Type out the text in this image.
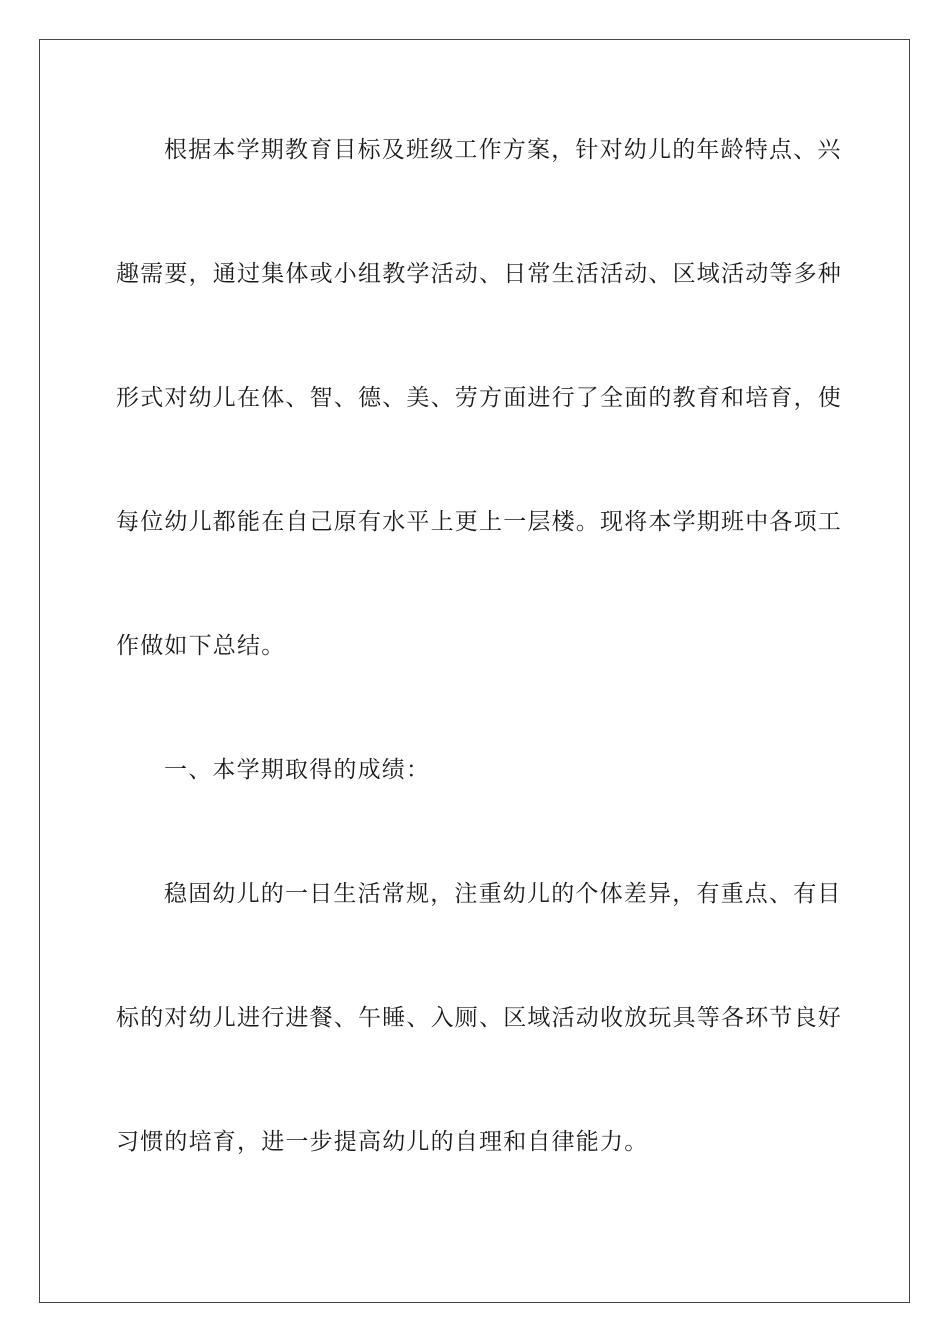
根据本学期教育目标及班级工作方案，针对幼儿的年龄特点、兴
趣需要，通过集体或小组教学活动、日常生活活动、区域活动等多种
形式对幼儿在体、智、德、美、劳方面进行了全面的教育和培育，使
每位幼儿都能在自己原有水平上更上一层楼。现将本学期班中各项工
作做如下总结。
一、本学期取得的成绩：
稳固幼儿的一日生活常规，注重幼儿的个体差异，有重点、有目
标的对幼儿进行进餐、午睡、入厕、区域活动收放玩具等各环节良好
习惯的培育，进一步提高幼儿的自理和自律能力。
